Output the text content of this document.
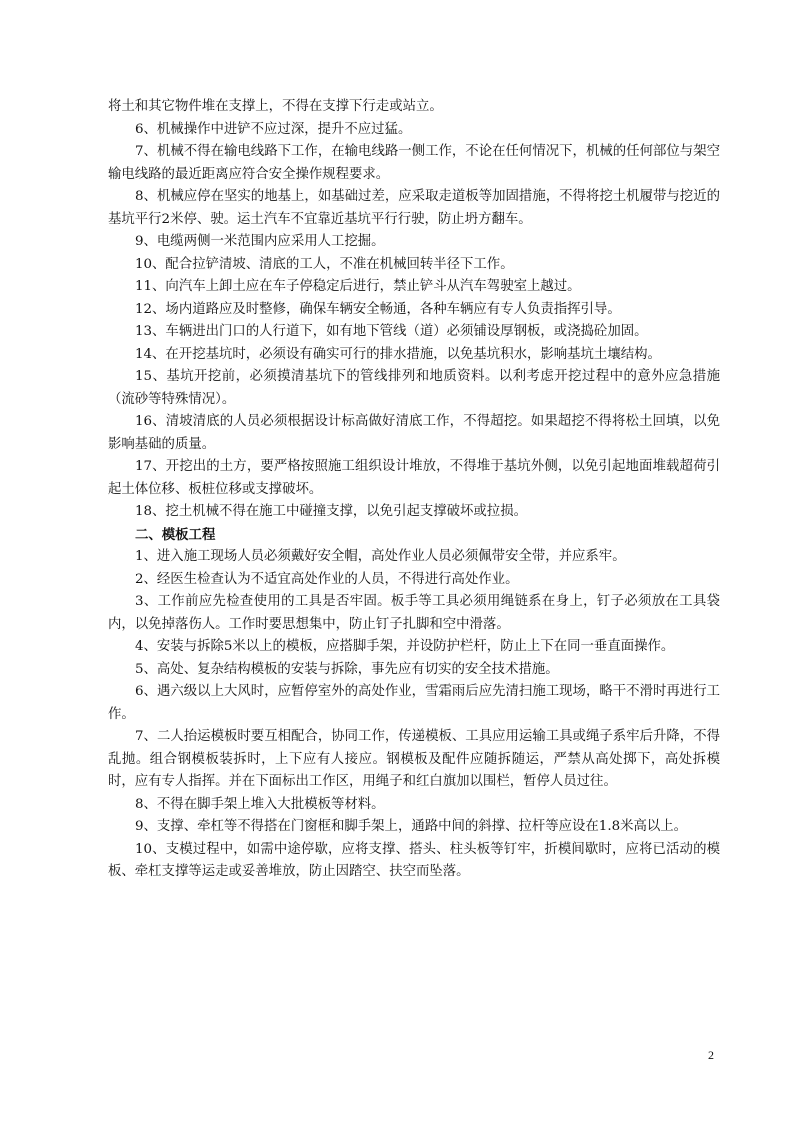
将土和其它物件堆在支撑上，不得在支撑下行走或站立。

6、机械操作中进铲不应过深，提升不应过猛。

7、机械不得在输电线路下工作，在输电线路一侧工作，不论在任何情况下，机械的任何部位与架空输电线路的最近距离应符合安全操作规程要求。

8、机械应停在坚实的地基上，如基础过差，应采取走道板等加固措施，不得将挖土机履带与挖近的基坑平行2米停、驶。运土汽车不宜靠近基坑平行行驶，防止坍方翻车。

9、电缆两侧一米范围内应采用人工挖掘。

10、配合拉铲清坡、清底的工人，不准在机械回转半径下工作。

11、向汽车上卸土应在车子停稳定后进行，禁止铲斗从汽车驾驶室上越过。

12、场内道路应及时整修，确保车辆安全畅通，各种车辆应有专人负责指挥引导。

13、车辆进出门口的人行道下，如有地下管线（道）必须铺设厚钢板，或浇捣砼加固。

14、在开挖基坑时，必须设有确实可行的排水措施，以免基坑积水，影响基坑土壤结构。

15、基坑开挖前，必须摸清基坑下的管线排列和地质资料。以利考虑开挖过程中的意外应急措施（流砂等特殊情况）。

16、清坡清底的人员必须根据设计标高做好清底工作，不得超挖。如果超挖不得将松土回填，以免影响基础的质量。

17、开挖出的土方，要严格按照施工组织设计堆放，不得堆于基坑外侧，以免引起地面堆载超荷引起土体位移、板桩位移或支撑破坏。

18、挖土机械不得在施工中碰撞支撑，以免引起支撑破坏或拉损。

二、模板工程

1、进入施工现场人员必须戴好安全帽，高处作业人员必须佩带安全带，并应系牢。

2、经医生检查认为不适宜高处作业的人员，不得进行高处作业。

3、工作前应先检查使用的工具是否牢固。板手等工具必须用绳链系在身上，钉子必须放在工具袋内，以免掉落伤人。工作时要思想集中，防止钉子扎脚和空中滑落。

4、安装与拆除5米以上的模板，应搭脚手架，并设防护栏杆，防止上下在同一垂直面操作。

5、高处、复杂结构模板的安装与拆除，事先应有切实的安全技术措施。

6、遇六级以上大风时，应暂停室外的高处作业，雪霜雨后应先清扫施工现场，略干不滑时再进行工作。

7、二人抬运模板时要互相配合，协同工作，传递模板、工具应用运输工具或绳子系牢后升降，不得乱抛。组合钢模板装拆时，上下应有人接应。钢模板及配件应随拆随运，严禁从高处掷下，高处拆模时，应有专人指挥。并在下面标出工作区，用绳子和红白旗加以围栏，暂停人员过往。

8、不得在脚手架上堆入大批模板等材料。

9、支撑、牵杠等不得搭在门窗框和脚手架上，通路中间的斜撑、拉杆等应设在1.8米高以上。

10、支模过程中，如需中途停歇，应将支撑、搭头、柱头板等钉牢，折模间歇时，应将已活动的模板、牵杠支撑等运走或妥善堆放，防止因踏空、扶空而坠落。

2
